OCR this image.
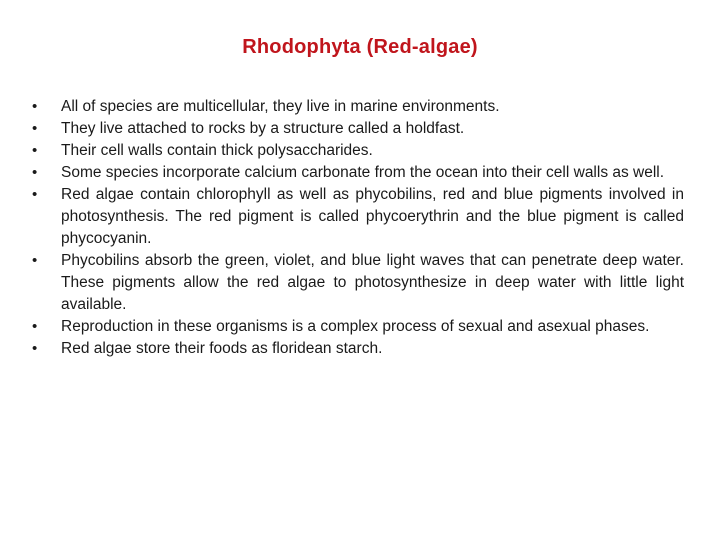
Rhodophyta (Red-algae)
• All of species are multicellular, they live in marine environments.
• They live attached to rocks by a structure called a holdfast.
• Their cell walls contain thick polysaccharides.
• Some species incorporate calcium carbonate from the ocean into their cell walls as well.
• Red algae contain chlorophyll as well as phycobilins, red and blue pigments involved in photosynthesis. The red pigment is called phycoerythrin and the blue pigment is called phycocyanin.
• Phycobilins absorb the green, violet, and blue light waves that can penetrate deep water. These pigments allow the red algae to photosynthesize in deep water with little light available.
• Reproduction in these organisms is a complex process of sexual and asexual phases.
• Red algae store their foods as floridean starch.
